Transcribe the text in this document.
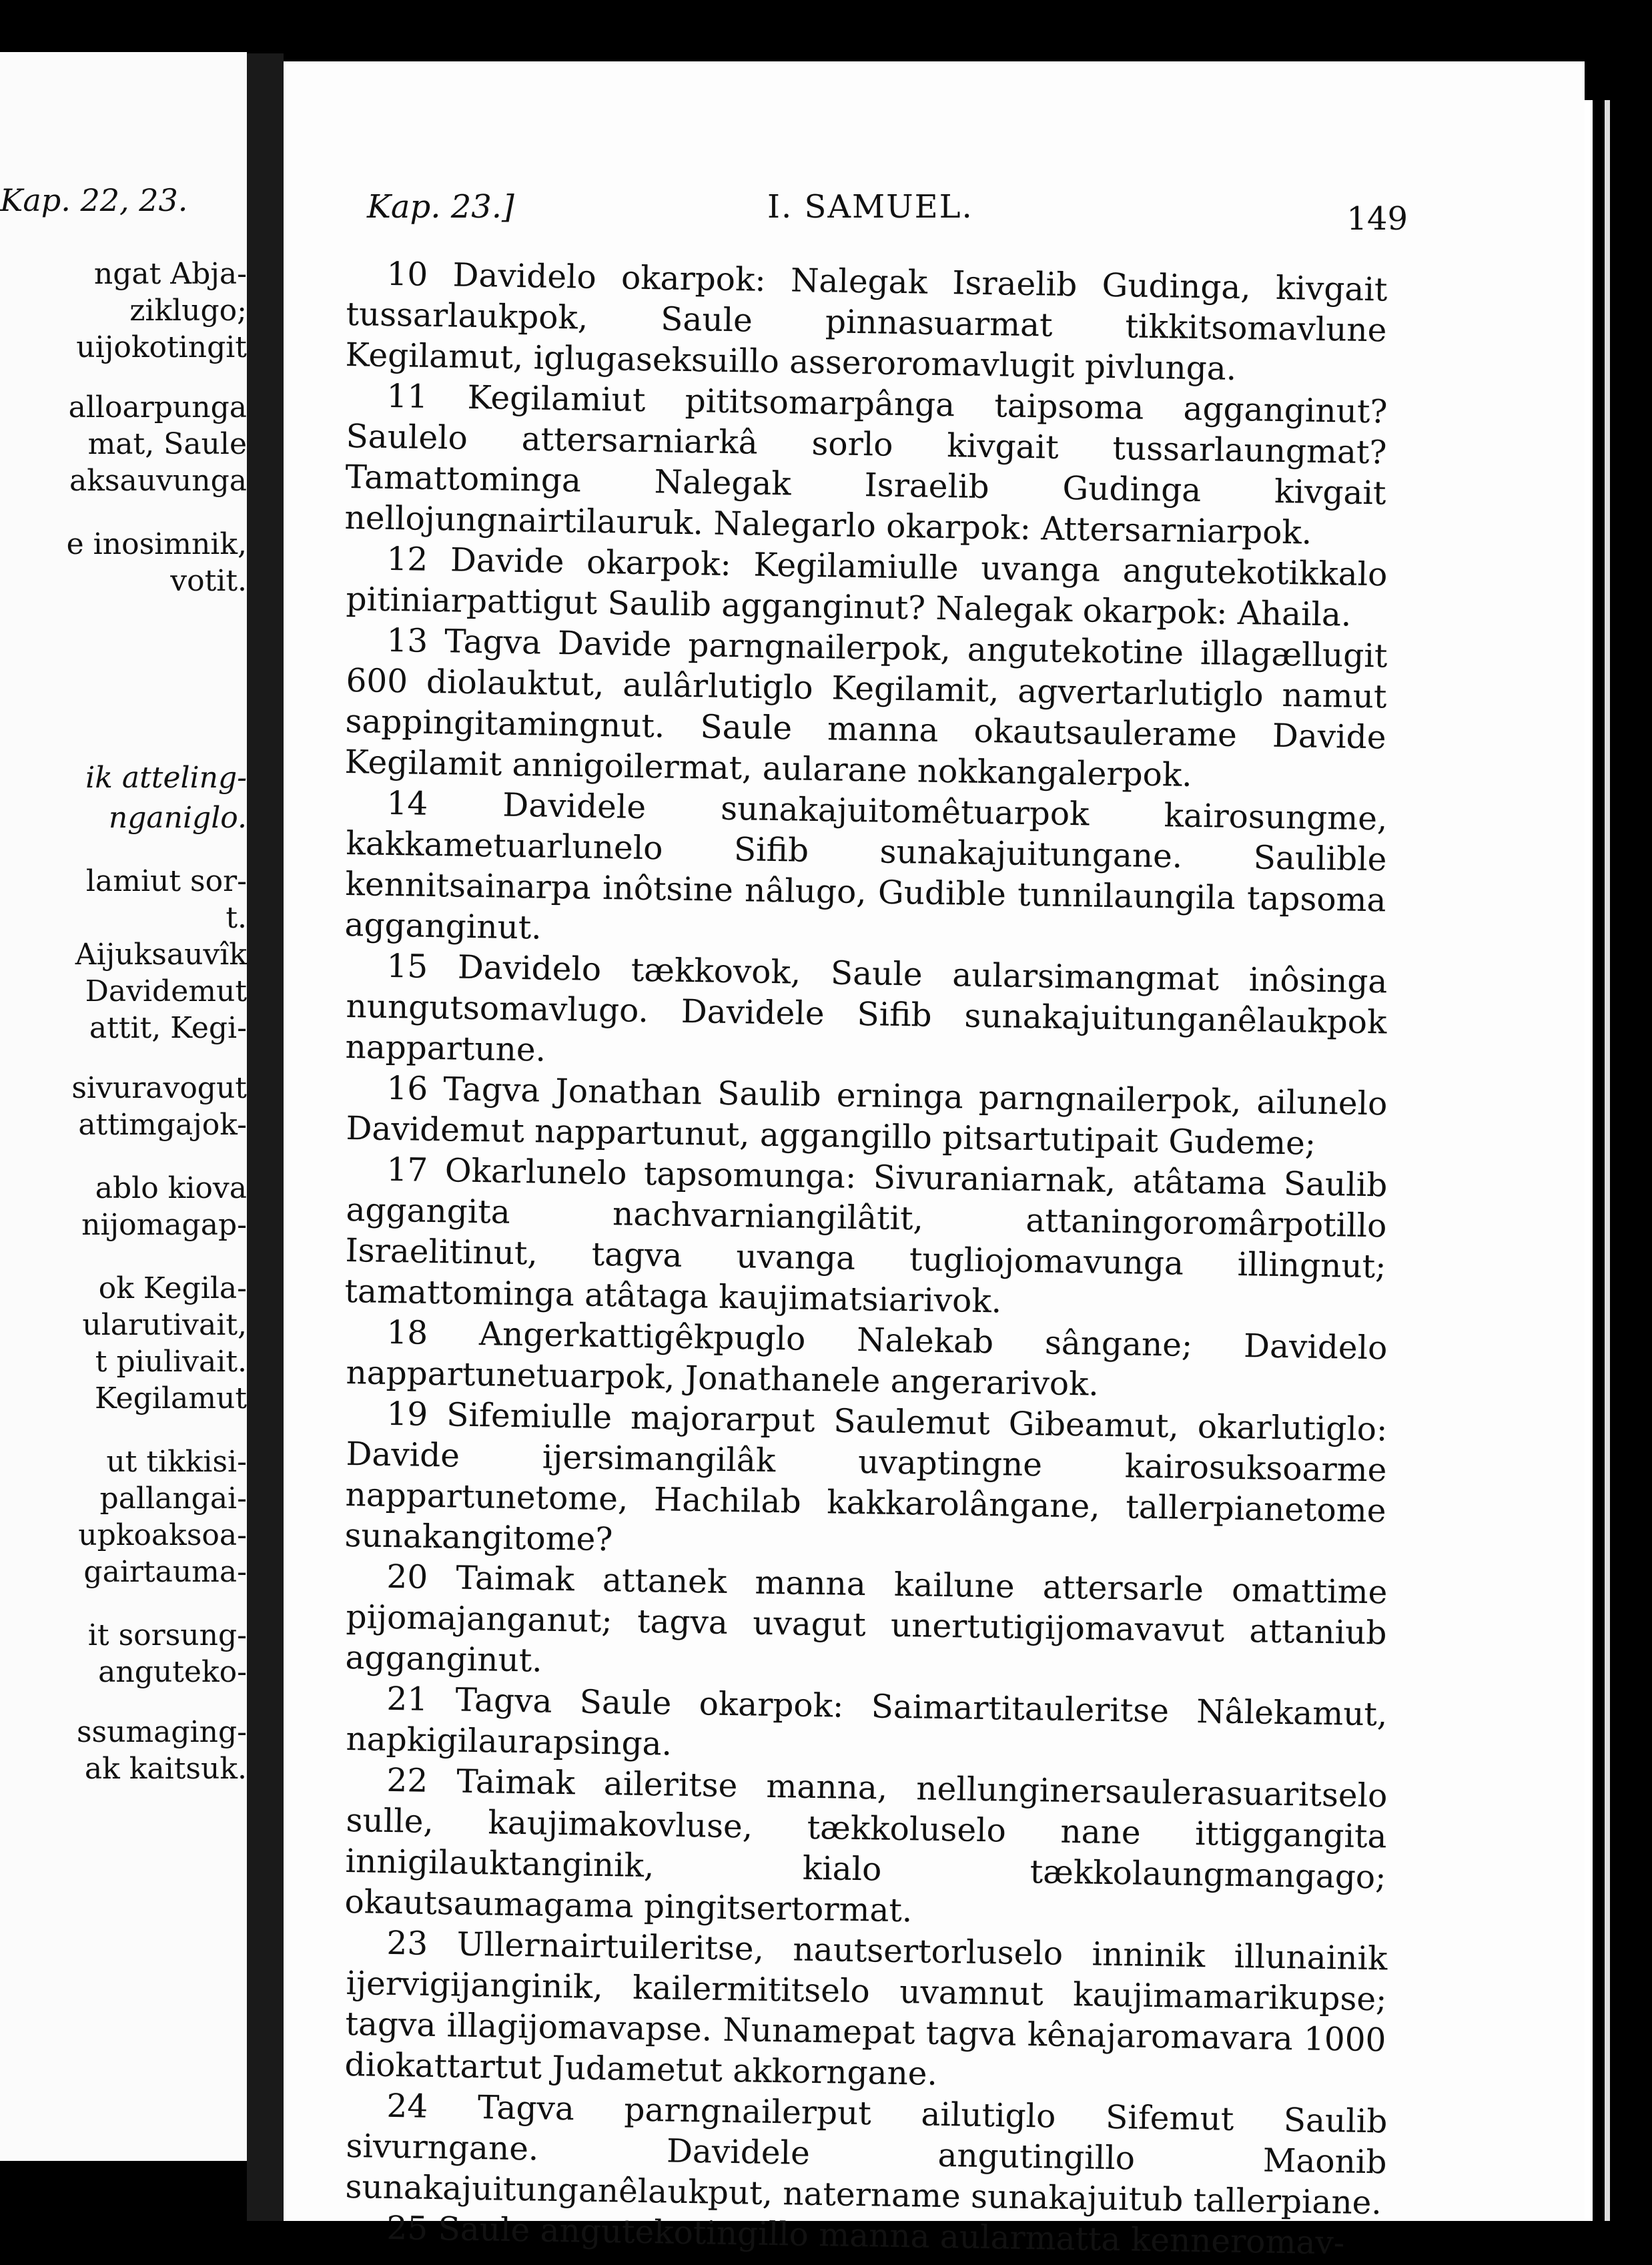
Kap. 22, 23.
ngat Abja-
ziklugo;
uijokotingit
alloarpunga
mat, Saule
aksauvunga
e inosimnik,
votit.
ik atteling-
nganiglo.
lamiut sor-
t.
Aijuksauvîk
Davidemut
attit, Kegi-
sivuravogut
attimgajok-
ablo kiova
nijomagap-
ok Kegila-
ularutivait,
t piulivait.
Kegilamut
ut tikkisi-
pallangai-
upkoaksoa-
gairtauma-
it sorsung-
anguteko-
ssumaging-
ak kaitsuk.
Kap. 23.]	I. SAMUEL.	149

10 Davidelo okarpok: Nalegak Israelib Gudinga, kivgait tussarlaukpok, Saule pinnasuarmat tikkitsomavlune Kegilamut, iglugaseksuillo asseroromavlugit pivlunga.

11 Kegilamiut pititsomarpânga taipsoma agganginut? Saulelo attersarniarkâ sorlo kivgait tussarlaungmat? Tamattominga Nalegak Israelib Gudinga kivgait nellojungnairtilauruk. Nalegarlo okarpok: Attersarniarpok.

12 Davide okarpok: Kegilamiulle uvanga angutekotikkalo pitiniarpattigut Saulib agganginut? Nalegak okarpok: Ahaila.

13 Tagva Davide parngnailerpok, angutekotine illagællugit 600 diolauktut, aulârlutiglo Kegilamit, agvertarlutiglo namut sappingitamingnut. Saule manna okautsaulerame Davide Kegilamit annigoilermat, aularane nokkangalerpok.

14 Davidele sunakajuitomêtuarpok kairosungme, kakkametuarlunelo Sifib sunakajuitungane. Saulible kennitsainarpa inôtsine nâlugo, Gudible tunnilaungila tapsoma agganginut.

15 Davidelo tækkovok, Saule aularsimangmat inôsinga nungutsomavlugo. Davidele Sifib sunakajuitunganêlaukpok nappartune.

16 Tagva Jonathan Saulib erninga parngnailerpok, ailunelo Davidemut nappartunut, aggangillo pitsartutipait Gudeme;

17 Okarlunelo tapsomunga: Sivuraniarnak, atâtama Saulib aggangita nachvarniangilâtit, attaningoromârpotillo Israelitinut, tagva uvanga tugliojomavunga illingnut; tamattominga atâtaga kaujimatsiarivok.

18 Angerkattigêkpuglo Nalekab sângane; Davidelo nappartunetuarpok, Jonathanele angerarivok.

19 Sifemiulle majorarput Saulemut Gibeamut, okarlutiglo: Davide ijersimangilâk uvaptingne kairosuksoarme nappartunetome, Hachilab kakkarolângane, tallerpianetome sunakangitome?

20 Taimak attanek manna kailune attersarle omattime pijomajanganut; tagva uvagut unertutigijomavavut attaniub agganginut.

21 Tagva Saule okarpok: Saimartitauleritse Nâlekamut, napkigilaurapsinga.

22 Taimak aileritse manna, nellunginersaulerasuaritselo sulle, kaujimakovluse, tækkoluselo nane ittiggangita innigilauktanginik, kialo tækkolaungmangago; okautsaumagama pingitsertormat.

23 Ullernairtuileritse, nautsertorluselo inninik illunainik ijervigijanginik, kailermititselo uvamnut kaujimamarikupse; tagva illagijomavapse. Nunamepat tagva kênajaromavara 1000 diokattartut Judametut akkorngane.

24 Tagva parngnailerput ailutiglo Sifemut Saulib sivurngane. Davidele angutingillo Maonib sunakajuitunganêlaukput, natername sunakajuitub tallerpiane.

25 Saule angutekotingillo manna aularmatta kenneromav-
